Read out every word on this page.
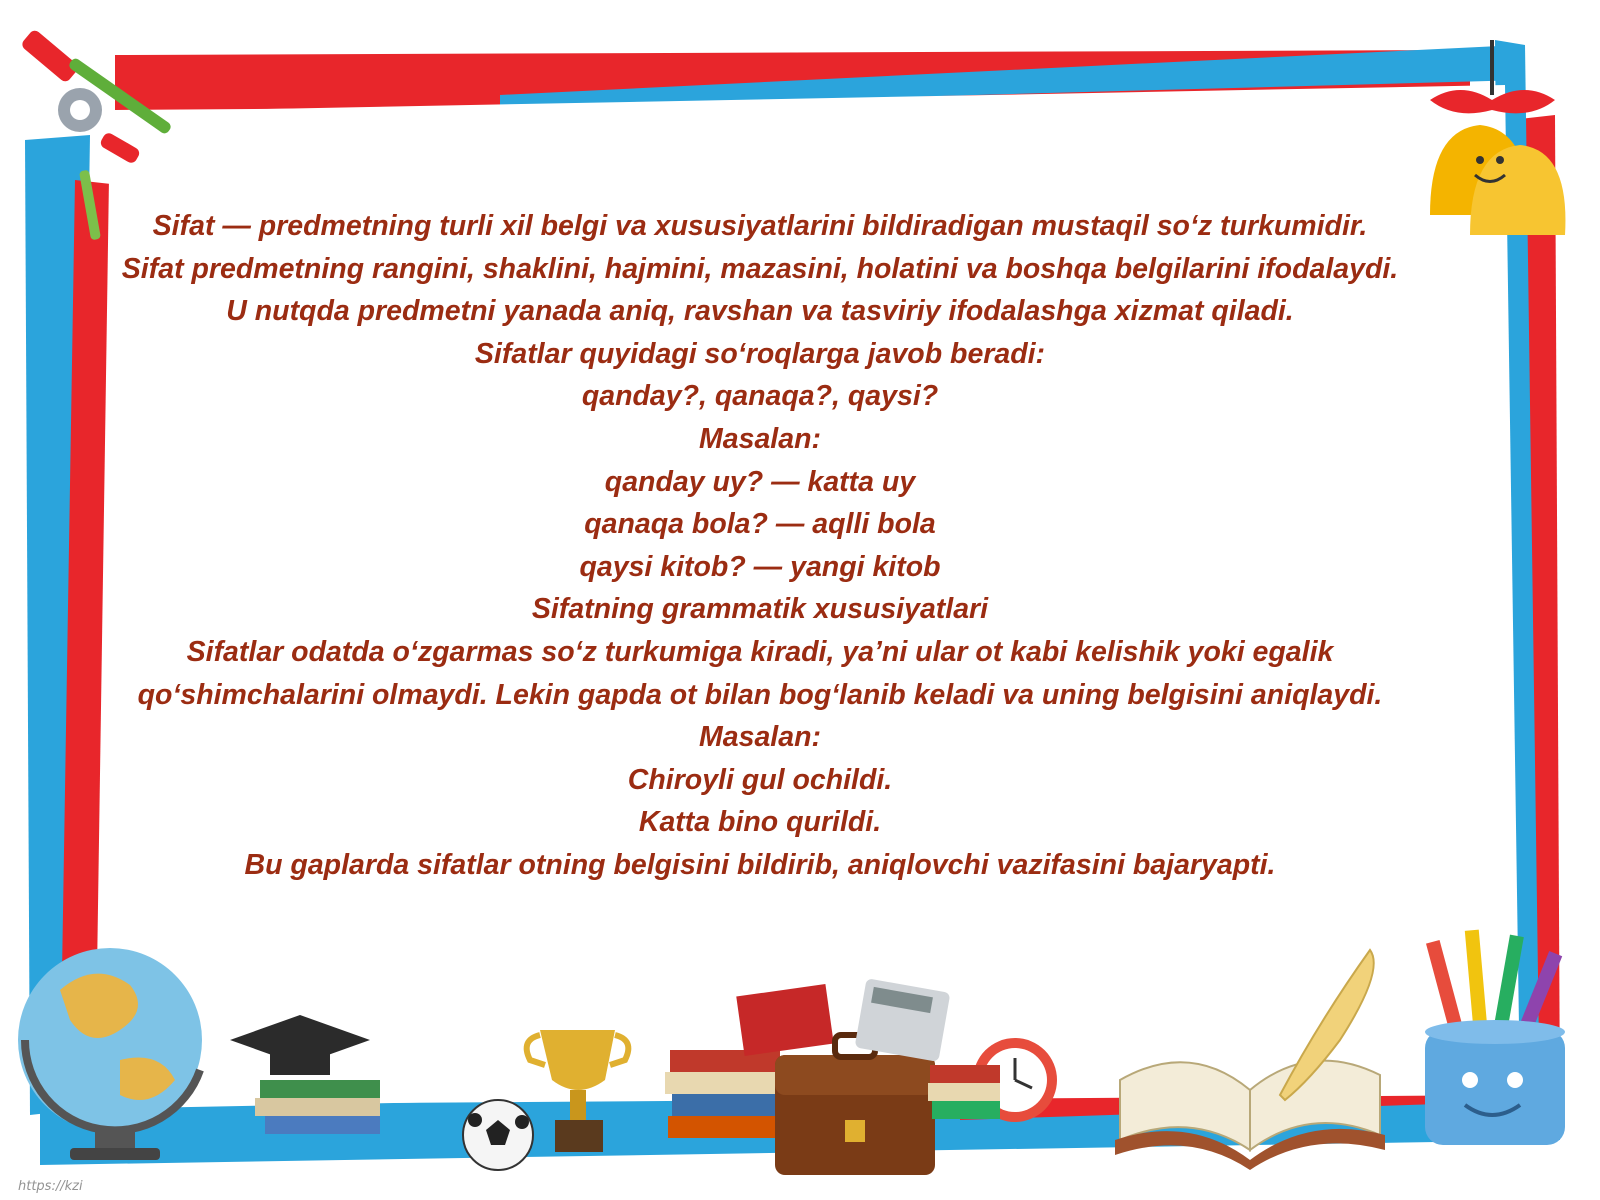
Sifat — predmetning turli xil belgi va xususiyatlarini bildiradigan mustaqil so‘z turkumidir. Sifat predmetning rangini, shaklini, hajmini, mazasini, holatini va boshqa belgilarini ifodalaydi. U nutqda predmetni yanada aniq, ravshan va tasviriy ifodalashga xizmat qiladi.

Sifatlar quyidagi so‘roqlarga javob beradi:

qanday?, qanaqa?, qaysi?

Masalan:

qanday uy? — katta uy

qanaqa bola? — aqlli bola

qaysi kitob? — yangi kitob

Sifatning grammatik xususiyatlari

Sifatlar odatda o‘zgarmas so‘z turkumiga kiradi, ya’ni ular ot kabi kelishik yoki egalik qo‘shimchalarini olmaydi. Lekin gapda ot bilan bog‘lanib keladi va uning belgisini aniqlaydi.

Masalan:

Chiroyli gul ochildi.

Katta bino qurildi.

Bu gaplarda sifatlar otning belgisini bildirib, aniqlovchi vazifasini bajaryapti.

https://kzi
